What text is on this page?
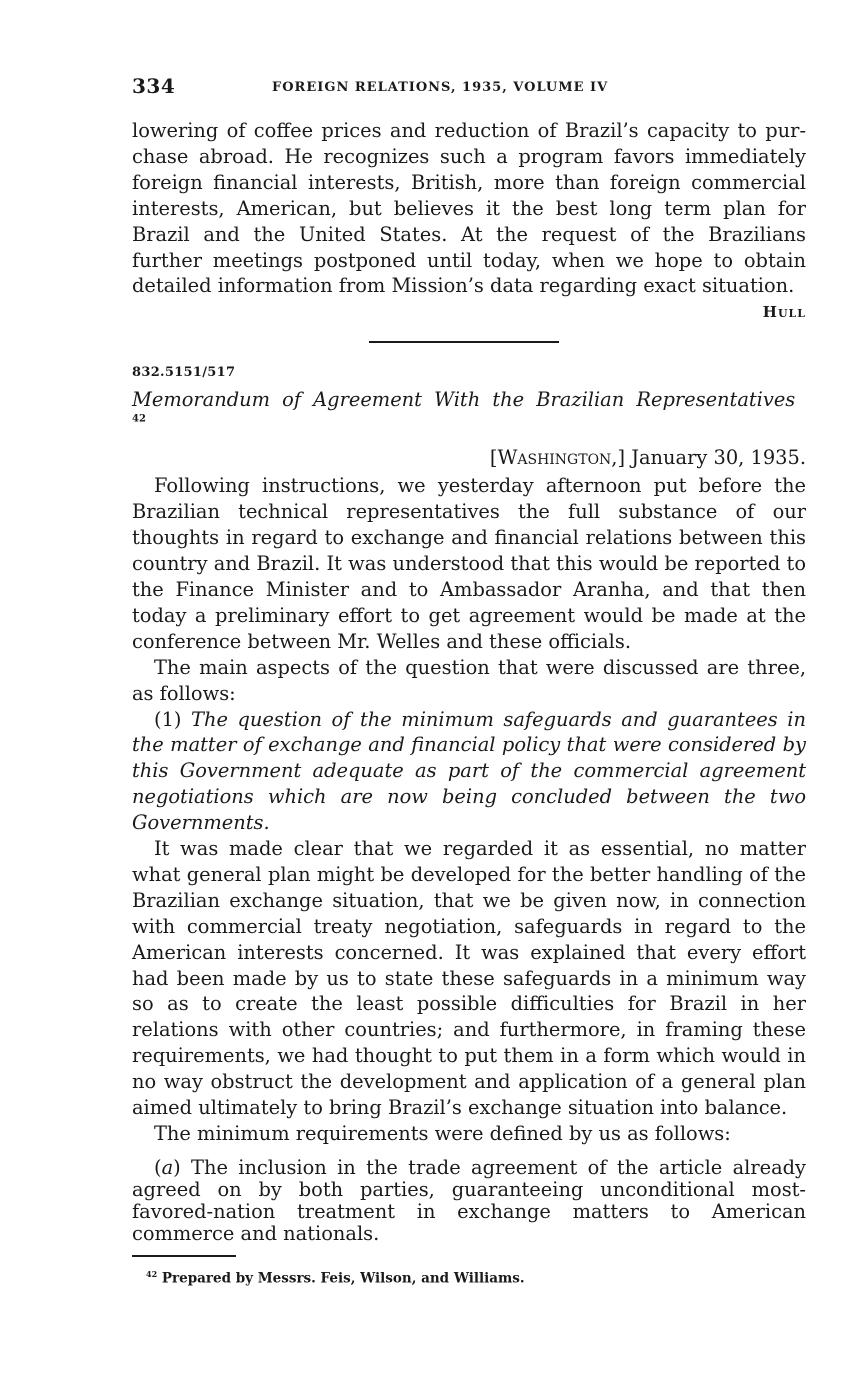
334	FOREIGN RELATIONS, 1935, VOLUME IV

lowering of coffee prices and reduction of Brazil’s capacity to purchase abroad. He recognizes such a program favors immediately foreign financial interests, British, more than foreign commercial interests, American, but believes it the best long term plan for Brazil and the United States. At the request of the Brazilians further meetings postponed until today, when we hope to obtain detailed information from Mission’s data regarding exact situation.

Hull
832.5151/517
Memorandum of Agreement With the Brazilian Representatives $^{42}$
[Washington,] January 30, 1935.

Following instructions, we yesterday afternoon put before the Brazilian technical representatives the full substance of our thoughts in regard to exchange and financial relations between this country and Brazil. It was understood that this would be reported to the Finance Minister and to Ambassador Aranha, and that then today a preliminary effort to get agreement would be made at the conference between Mr. Welles and these officials.

The main aspects of the question that were discussed are three, as follows:

(1) The question of the minimum safeguards and guarantees in the matter of exchange and financial policy that were considered by this Government adequate as part of the commercial agreement negotiations which are now being concluded between the two Governments.

It was made clear that we regarded it as essential, no matter what general plan might be developed for the better handling of the Brazilian exchange situation, that we be given now, in connection with commercial treaty negotiation, safeguards in regard to the American interests concerned. It was explained that every effort had been made by us to state these safeguards in a minimum way so as to create the least possible difficulties for Brazil in her relations with other countries; and furthermore, in framing these requirements, we had thought to put them in a form which would in no way obstruct the development and application of a general plan aimed ultimately to bring Brazil’s exchange situation into balance.

The minimum requirements were defined by us as follows:

(a) The inclusion in the trade agreement of the article already agreed on by both parties, guaranteeing unconditional most-favored-nation treatment in exchange matters to American commerce and nationals.

$^{42}$ Prepared by Messrs. Feis, Wilson, and Williams.
